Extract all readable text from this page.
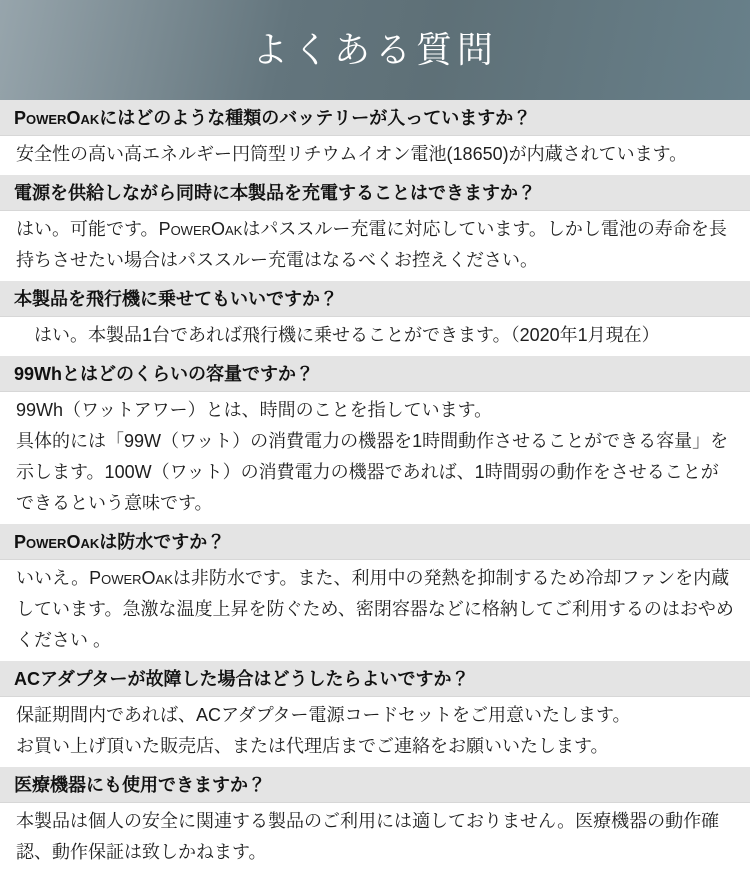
よくある質問
PowerOakにはどのような種類のバッテリーが入っていますか？

安全性の高い高エネルギー円筒型リチウムイオン電池(18650)が内蔵されています。

電源を供給しながら同時に本製品を充電することはできますか？

はい。可能です。PowerOakはパススルー充電に対応しています。しかし電池の寿命を長持ちさせたい場合はパススルー充電はなるべくお控えください。

本製品を飛行機に乗せてもいいですか？

　はい。本製品1台であれば飛行機に乗せることができます。（2020年1月現在）

99Whとはどのくらいの容量ですか？

99Wh（ワットアワー）とは、時間のことを指しています。

具体的には「99W（ワット）の消費電力の機器を1時間動作させることができる容量」を示します。100W（ワット）の消費電力の機器であれば、1時間弱の動作をさせることができるという意味です。

PowerOakは防水ですか？

いいえ。PowerOakは非防水です。また、利用中の発熱を抑制するため冷却ファンを内蔵しています。急激な温度上昇を防ぐため、密閉容器などに格納してご利用するのはおやめください 。

ACアダプターが故障した場合はどうしたらよいですか？

保証期間内であれば、ACアダプター電源コードセットをご用意いたします。

お買い上げ頂いた販売店、または代理店までご連絡をお願いいたします。

医療機器にも使用できますか？

本製品は個人の安全に関連する製品のご利用には適しておりません。医療機器の動作確認、動作保証は致しかねます。
